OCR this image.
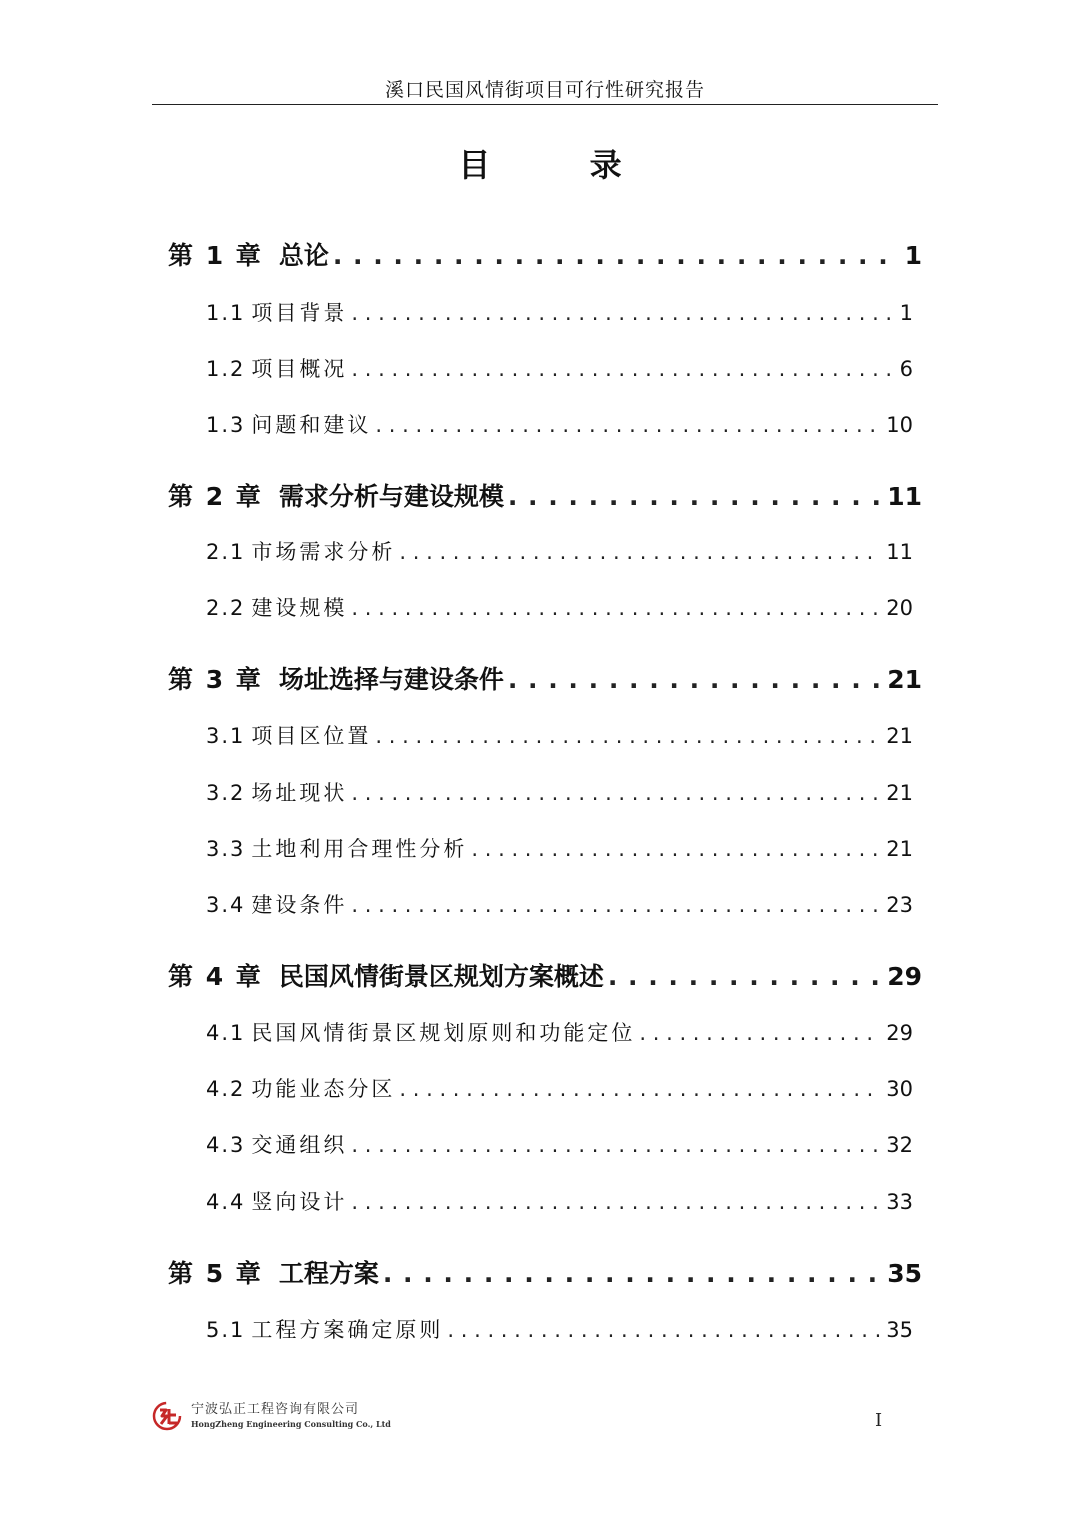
溪口民国风情街项目可行性研究报告
目 录
第 1 章 总论 . . .	1
1.1 项目背景 . . .	1
1.2 项目概况 . . .	6
1.3 问题和建议 . . .	10
第 2 章 需求分析与建设规模 . . .	11
2.1 市场需求分析 . . .	11
2.2 建设规模 . . .	20
第 3 章 场址选择与建设条件 . . .	21
3.1 项目区位置 . . .	21
3.2 场址现状 . . .	21
3.3 土地利用合理性分析 . . .	21
3.4 建设条件 . . .	23
第 4 章 民国风情街景区规划方案概述 . . .	29
4.1 民国风情街景区规划原则和功能定位 . . .	29
4.2 功能业态分区 . . .	30
4.3 交通组织 . . .	32
4.4 竖向设计 . . .	33
第 5 章 工程方案 . . .	35
5.1 工程方案确定原则 . . .	35
宁波弘正工程咨询有限公司
HongZheng Engineering Consulting Co., Ltd	I
